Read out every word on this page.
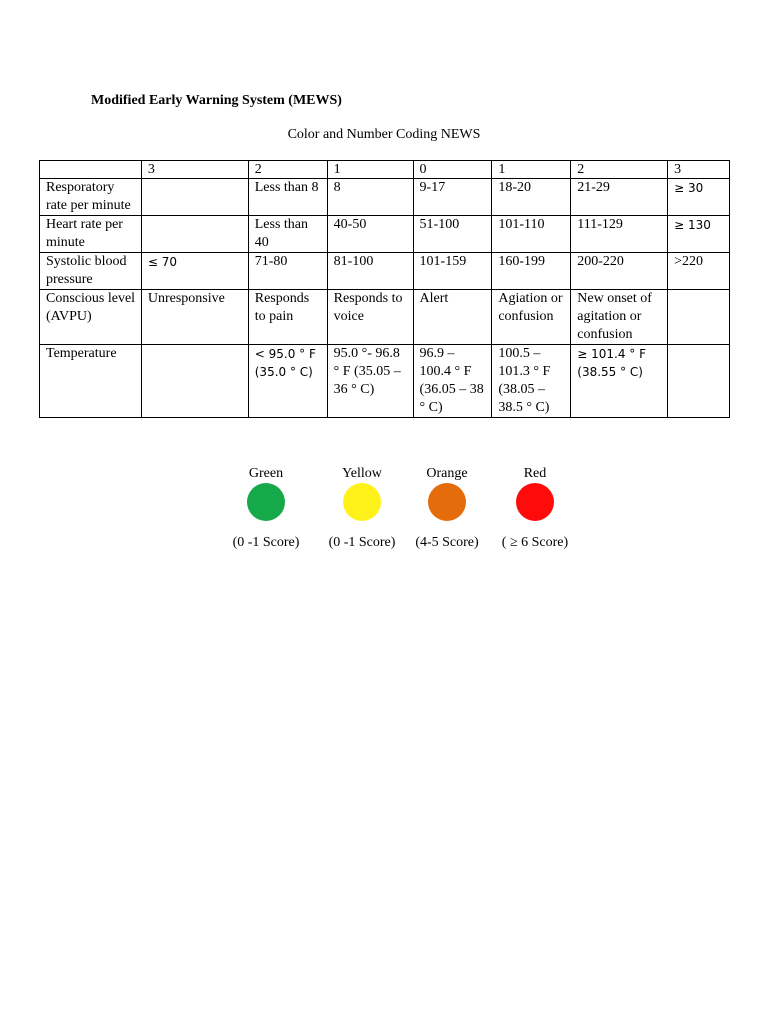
Modified Early Warning System (MEWS)

Color and Number Coding NEWS

	3	2	1	0	1	2	3
Resporatory rate per minute		Less than 8	8	9-17	18-20	21-29	≥ 30
Heart rate per minute		Less than 40	40-50	51-100	101-110	111-129	≥ 130
Systolic blood pressure	≤ 70	71-80	81-100	101-159	160-199	200-220	>220
Conscious level (AVPU)	Unresponsive	Responds to pain	Responds to voice	Alert	Agiation or confusion	New onset of agitation or confusion	
Temperature		< 95.0 ° F (35.0 ° C)	95.0 °- 96.8 ° F (35.05 – 36 ° C)	96.9 – 100.4 ° F (36.05 – 38 ° C)	100.5 – 101.3 ° F (38.05 – 38.5 ° C)	≥ 101.4 ° F (38.55 ° C)	
Green
(0 -1 Score)
Yellow
(0 -1 Score)
Orange
(4-5 Score)
Red
( ≥ 6 Score)
